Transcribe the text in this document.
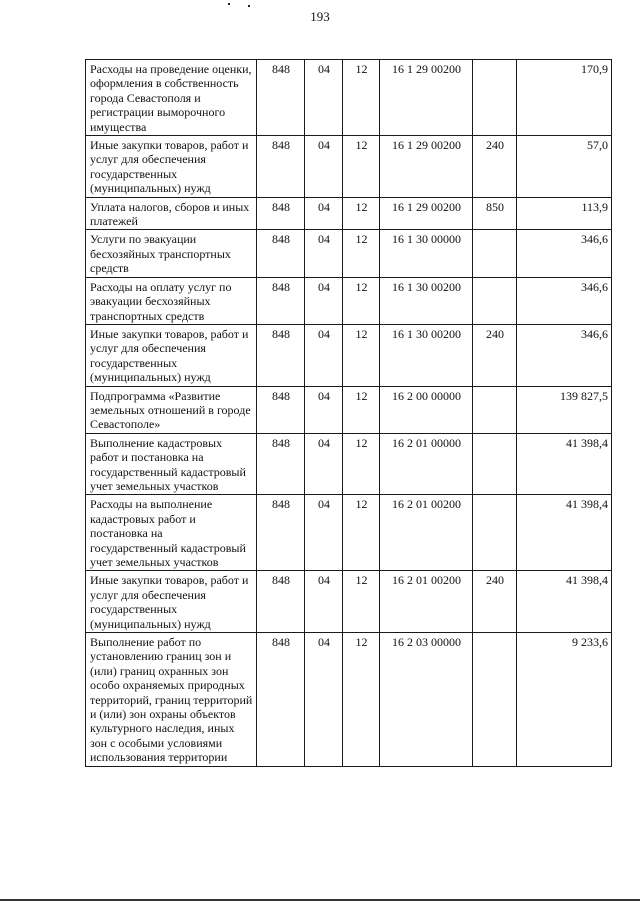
193
Расходы на проведение оценки, оформления в собственность города Севастополя и регистрации выморочного имущества	848	04	12	16 1 29 00200		170,9
Иные закупки товаров, работ и услуг для обеспечения государственных (муниципальных) нужд	848	04	12	16 1 29 00200	240	57,0
Уплата налогов, сборов и иных платежей	848	04	12	16 1 29 00200	850	113,9
Услуги по эвакуации бесхозяйных транспортных средств	848	04	12	16 1 30 00000		346,6
Расходы на оплату услуг по эвакуации бесхозяйных транспортных средств	848	04	12	16 1 30 00200		346,6
Иные закупки товаров, работ и услуг для обеспечения государственных (муниципальных) нужд	848	04	12	16 1 30 00200	240	346,6
Подпрограмма «Развитие земельных отношений в городе Севастополе»	848	04	12	16 2 00 00000		139 827,5
Выполнение кадастровых работ и постановка на государственный кадастровый учет земельных участков	848	04	12	16 2 01 00000		41 398,4
Расходы на выполнение кадастровых работ и постановка на государственный кадастровый учет земельных участков	848	04	12	16 2 01 00200		41 398,4
Иные закупки товаров, работ и услуг для обеспечения государственных (муниципальных) нужд	848	04	12	16 2 01 00200	240	41 398,4
Выполнение работ по установлению границ зон и (или) границ охранных зон особо охраняемых природных территорий, границ территорий и (или) зон охраны объектов культурного наследия, иных зон с особыми условиями использования территории	848	04	12	16 2 03 00000		9 233,6
